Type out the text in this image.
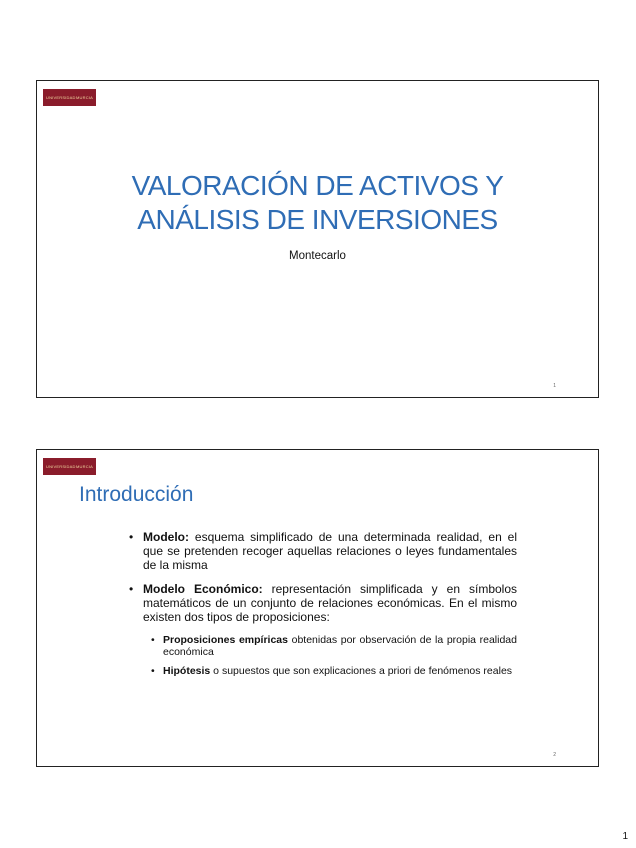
UNIVERSIDAD MURCIA
VALORACIÓN DE ACTIVOS Y
ANÁLISIS DE INVERSIONES
Montecarlo
1
UNIVERSIDAD MURCIA
Introducción
• Modelo: esquema simplificado de una determinada realidad, en el que se pretenden recoger aquellas relaciones o leyes fundamentales de la misma
• Modelo Económico: representación simplificada y en símbolos matemáticos de un conjunto de relaciones económicas. En el mismo existen dos tipos de proposiciones:
• Proposiciones empíricas obtenidas por observación de la propia realidad económica
• Hipótesis o supuestos que son explicaciones a priori de fenómenos reales
2
1
